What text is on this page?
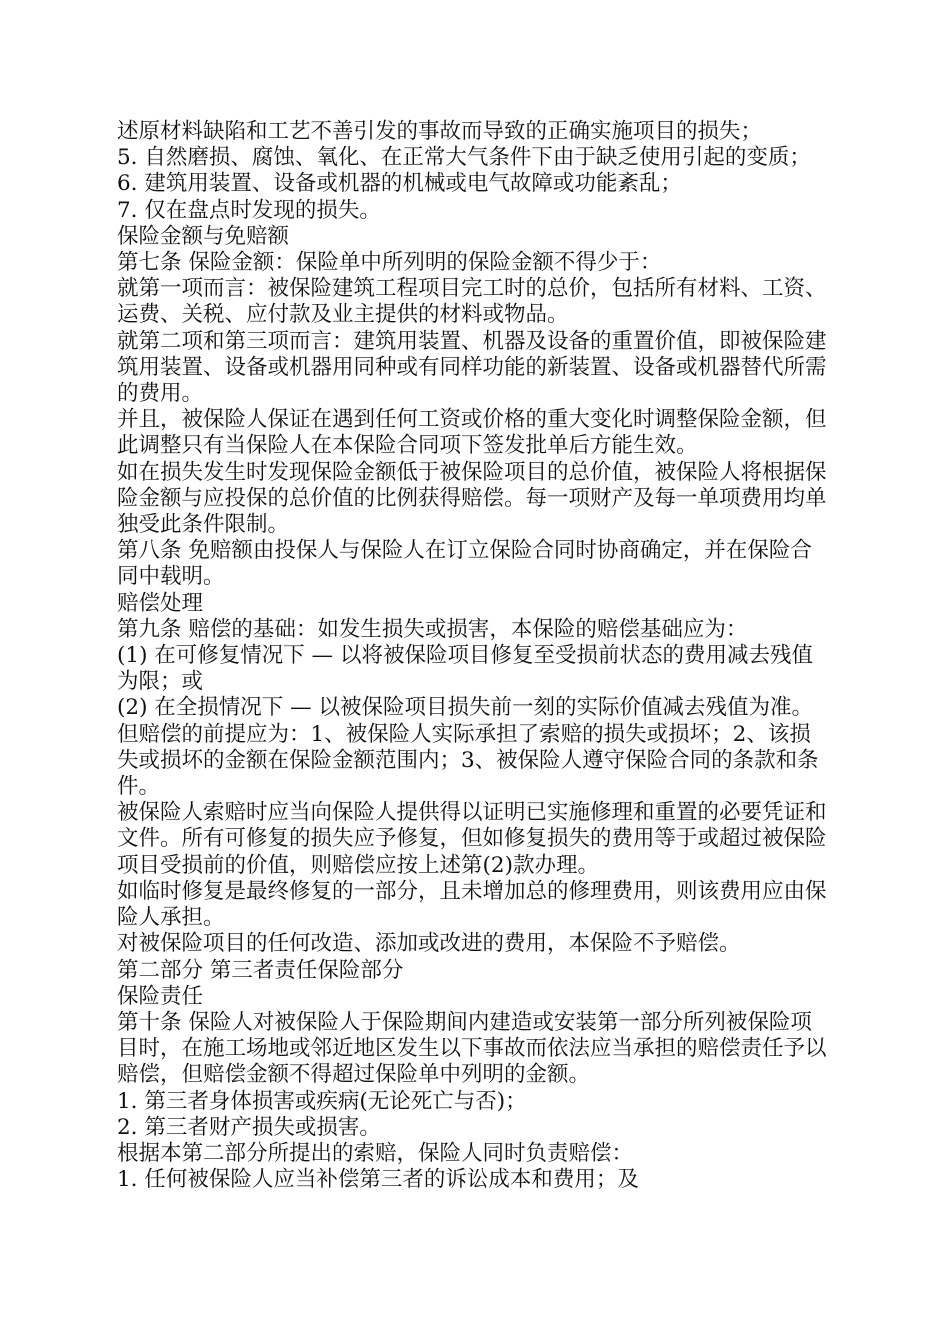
述原材料缺陷和工艺不善引发的事故而导致的正确实施项目的损失；

5. 自然磨损、腐蚀、氧化、在正常大气条件下由于缺乏使用引起的变质；

6. 建筑用装置、设备或机器的机械或电气故障或功能紊乱；

7. 仅在盘点时发现的损失。

保险金额与免赔额

第七条 保险金额：保险单中所列明的保险金额不得少于：

就第一项而言：被保险建筑工程项目完工时的总价，包括所有材料、工资、运费、关税、应付款及业主提供的材料或物品。

就第二项和第三项而言：建筑用装置、机器及设备的重置价值，即被保险建筑用装置、设备或机器用同种或有同样功能的新装置、设备或机器替代所需的费用。

并且，被保险人保证在遇到任何工资或价格的重大变化时调整保险金额，但此调整只有当保险人在本保险合同项下签发批单后方能生效。

如在损失发生时发现保险金额低于被保险项目的总价值，被保险人将根据保险金额与应投保的总价值的比例获得赔偿。每一项财产及每一单项费用均单独受此条件限制。

第八条 免赔额由投保人与保险人在订立保险合同时协商确定，并在保险合同中载明。

赔偿处理

第九条 赔偿的基础：如发生损失或损害，本保险的赔偿基础应为：

(1) 在可修复情况下 — 以将被保险项目修复至受损前状态的费用减去残值为限；或

(2) 在全损情况下 — 以被保险项目损失前一刻的实际价值减去残值为准。

但赔偿的前提应为：1、被保险人实际承担了索赔的损失或损坏；2、该损失或损坏的金额在保险金额范围内；3、被保险人遵守保险合同的条款和条件。

被保险人索赔时应当向保险人提供得以证明已实施修理和重置的必要凭证和文件。所有可修复的损失应予修复，但如修复损失的费用等于或超过被保险项目受损前的价值，则赔偿应按上述第(2)款办理。

如临时修复是最终修复的一部分，且未增加总的修理费用，则该费用应由保险人承担。

对被保险项目的任何改造、添加或改进的费用，本保险不予赔偿。

第二部分 第三者责任保险部分

保险责任

第十条 保险人对被保险人于保险期间内建造或安装第一部分所列被保险项目时，在施工场地或邻近地区发生以下事故而依法应当承担的赔偿责任予以赔偿，但赔偿金额不得超过保险单中列明的金额。

1. 第三者身体损害或疾病(无论死亡与否)；

2. 第三者财产损失或损害。

根据本第二部分所提出的索赔，保险人同时负责赔偿：

1. 任何被保险人应当补偿第三者的诉讼成本和费用；及
